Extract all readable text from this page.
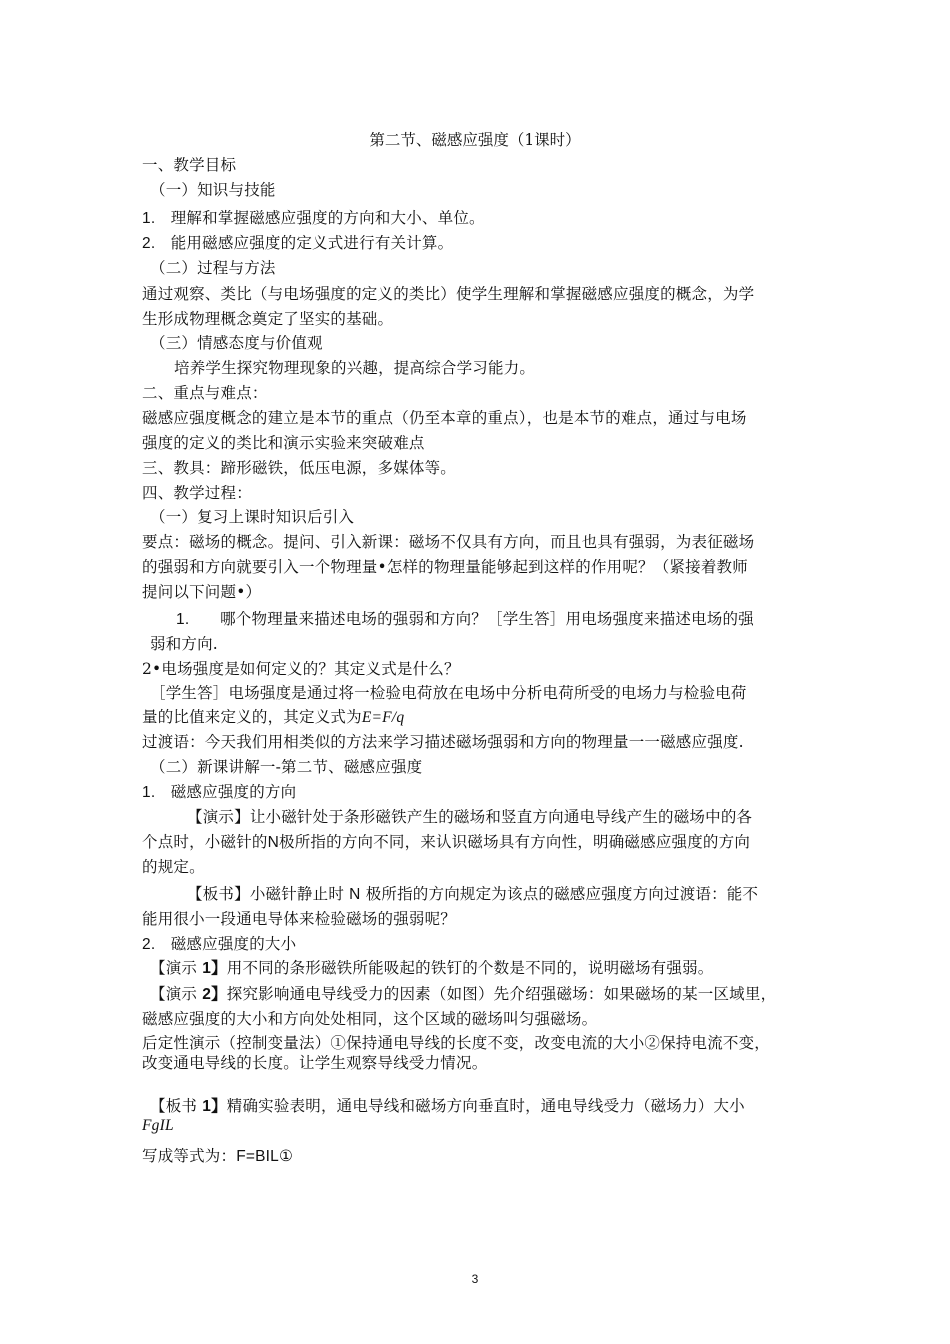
第二节、磁感应强度（1课时）
一、教学目标
（一）知识与技能
1. 理解和掌握磁感应强度的方向和大小、单位。
2. 能用磁感应强度的定义式进行有关计算。
（二）过程与方法
通过观察、类比（与电场强度的定义的类比）使学生理解和掌握磁感应强度的概念，为学
生形成物理概念奠定了坚实的基础。
（三）情感态度与价值观
培养学生探究物理现象的兴趣，提高综合学习能力。
二、重点与难点：
磁感应强度概念的建立是本节的重点（仍至本章的重点），也是本节的难点，通过与电场
强度的定义的类比和演示实验来突破难点
三、教具：蹄形磁铁，低压电源，多媒体等。
四、教学过程：
（一）复习上课时知识后引入
要点：磁场的概念。提问、引入新课：磁场不仅具有方向，而且也具有强弱，为表征磁场
的强弱和方向就要引入一个物理量•怎样的物理量能够起到这样的作用呢？（紧接着教师
提问以下问题•）
1. 哪个物理量来描述电场的强弱和方向？［学生答］用电场强度来描述电场的强
弱和方向.
2•电场强度是如何定义的？其定义式是什么？
［学生答］电场强度是通过将一检验电荷放在电场中分析电荷所受的电场力与检验电荷
量的比值来定义的，其定义式为E=F/q
过渡语：今天我们用相类似的方法来学习描述磁场强弱和方向的物理量一一磁感应强度.
（二）新课讲解一-第二节、磁感应强度
1. 磁感应强度的方向
【演示】让小磁针处于条形磁铁产生的磁场和竖直方向通电导线产生的磁场中的各
个点时，小磁针的N极所指的方向不同，来认识磁场具有方向性，明确磁感应强度的方向
的规定。
【板书】小磁针静止时 N 极所指的方向规定为该点的磁感应强度方向过渡语：能不
能用很小一段通电导体来检验磁场的强弱呢？
2. 磁感应强度的大小
【演示 1】用不同的条形磁铁所能吸起的铁钉的个数是不同的，说明磁场有强弱。
【演示 2】探究影响通电导线受力的因素（如图）先介绍强磁场：如果磁场的某一区域里，
磁感应强度的大小和方向处处相同，这个区域的磁场叫匀强磁场。
后定性演示（控制变量法）①保持通电导线的长度不变，改变电流的大小②保持电流不变，
改变通电导线的长度。让学生观察导线受力情况。
【板书 1】精确实验表明，通电导线和磁场方向垂直时，通电导线受力（磁场力）大小
FgIL
写成等式为：F=BIL①
3
